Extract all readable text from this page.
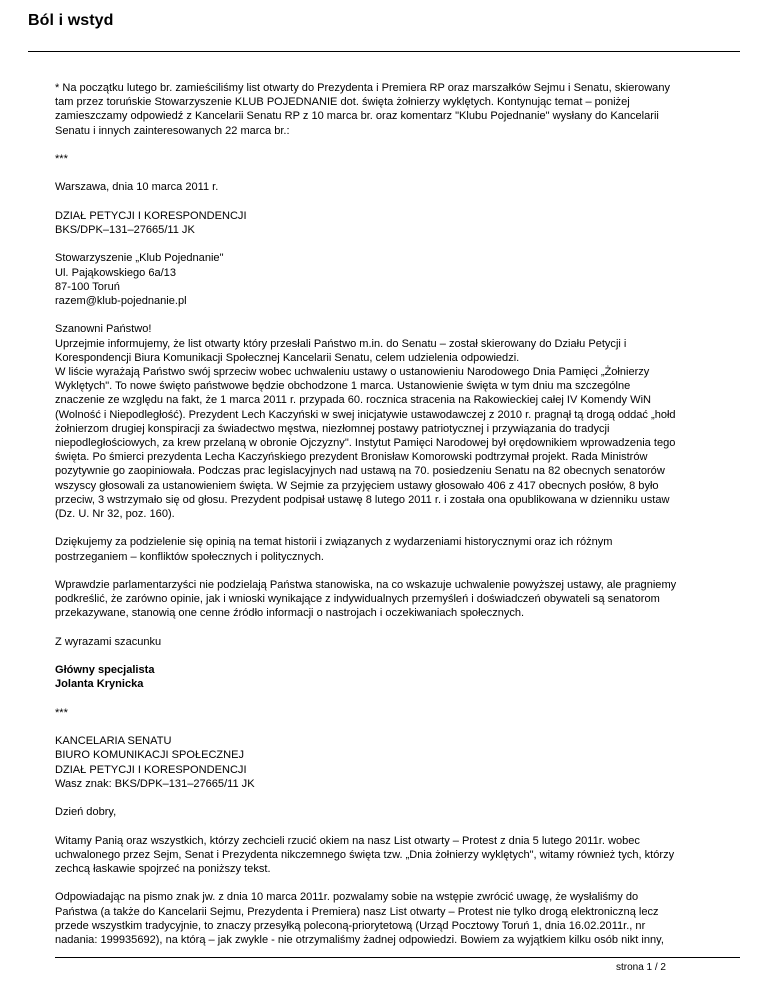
Ból i wstyd

* Na początku lutego br. zamieściliśmy list otwarty do Prezydenta i Premiera RP oraz marszałków Sejmu i Senatu, skierowany
tam przez toruńskie Stowarzyszenie KLUB POJEDNANIE dot. święta żołnierzy wyklętych. Kontynując temat – poniżej
zamieszczamy odpowiedź z Kancelarii Senatu RP z 10 marca br. oraz komentarz "Klubu Pojednanie" wysłany do Kancelarii
Senatu i innych zainteresowanych 22 marca br.:

***

Warszawa, dnia 10 marca 2011 r.

DZIAŁ PETYCJI I KORESPONDENCJI
BKS/DPK–131–27665/11 JK

Stowarzyszenie „Klub Pojednanie"
Ul. Pająkowskiego 6a/13
87-100 Toruń
razem@klub-pojednanie.pl

Szanowni Państwo!
Uprzejmie informujemy, że list otwarty który przesłali Państwo m.in. do Senatu – został skierowany do Działu Petycji i
Korespondencji Biura Komunikacji Społecznej Kancelarii Senatu, celem udzielenia odpowiedzi.
W liście wyrażają Państwo swój sprzeciw wobec uchwaleniu ustawy o ustanowieniu Narodowego Dnia Pamięci „Żołnierzy
Wyklętych". To nowe święto państwowe będzie obchodzone 1 marca. Ustanowienie święta w tym dniu ma szczególne
znaczenie ze względu na fakt, że 1 marca 2011 r. przypada 60. rocznica stracenia na Rakowieckiej całej IV Komendy WiN
(Wolność i Niepodległość). Prezydent Lech Kaczyński w swej inicjatywie ustawodawczej z 2010 r. pragnął tą drogą oddać „hołd
żołnierzom drugiej konspiracji za świadectwo męstwa, niezłomnej postawy patriotycznej i przywiązania do tradycji
niepodległościowych, za krew przelaną w obronie Ojczyzny". Instytut Pamięci Narodowej był orędownikiem wprowadzenia tego
święta. Po śmierci prezydenta Lecha Kaczyńskiego prezydent Bronisław Komorowski podtrzymał projekt. Rada Ministrów
pozytywnie go zaopiniowała. Podczas prac legislacyjnych nad ustawą na 70. posiedzeniu Senatu na 82 obecnych senatorów
wszyscy głosowali za ustanowieniem święta. W Sejmie za przyjęciem ustawy głosowało 406 z 417 obecnych posłów, 8 było
przeciw, 3 wstrzymało się od głosu. Prezydent podpisał ustawę 8 lutego 2011 r. i została ona opublikowana w dzienniku ustaw
(Dz. U. Nr 32, poz. 160).

Dziękujemy za podzielenie się opinią na temat historii i związanych z wydarzeniami historycznymi oraz ich różnym
postrzeganiem – konfliktów społecznych i politycznych.

Wprawdzie parlamentarzyści nie podzielają Państwa stanowiska, na co wskazuje uchwalenie powyższej ustawy, ale pragniemy
podkreślić, że zarówno opinie, jak i wnioski wynikające z indywidualnych przemyśleń i doświadczeń obywateli są senatorom
przekazywane, stanowią one cenne źródło informacji o nastrojach i oczekiwaniach społecznych.

Z wyrazami szacunku

Główny specjalista
Jolanta Krynicka

***

KANCELARIA SENATU
BIURO KOMUNIKACJI SPOŁECZNEJ
DZIAŁ PETYCJI I KORESPONDENCJI
Wasz znak: BKS/DPK–131–27665/11 JK

Dzień dobry,

Witamy Panią oraz wszystkich, którzy zechcieli rzucić okiem na nasz List otwarty – Protest z dnia 5 lutego 2011r. wobec
uchwalonego przez Sejm, Senat i Prezydenta nikczemnego święta tzw. „Dnia żołnierzy wyklętych", witamy również tych, którzy
zechcą łaskawie spojrzeć na poniższy tekst.

Odpowiadając na pismo znak jw. z dnia 10 marca 2011r. pozwalamy sobie na wstępie zwrócić uwagę, że wysłaliśmy do
Państwa (a także do Kancelarii Sejmu, Prezydenta i Premiera) nasz List otwarty – Protest nie tylko drogą elektroniczną lecz
przede wszystkim tradycyjnie, to znaczy przesyłką poleconą-priorytetową (Urząd Pocztowy Toruń 1, dnia 16.02.2011r., nr
nadania: 199935692), na którą – jak zwykle - nie otrzymaliśmy żadnej odpowiedzi. Bowiem za wyjątkiem kilku osób nikt inny,

strona 1 / 2
